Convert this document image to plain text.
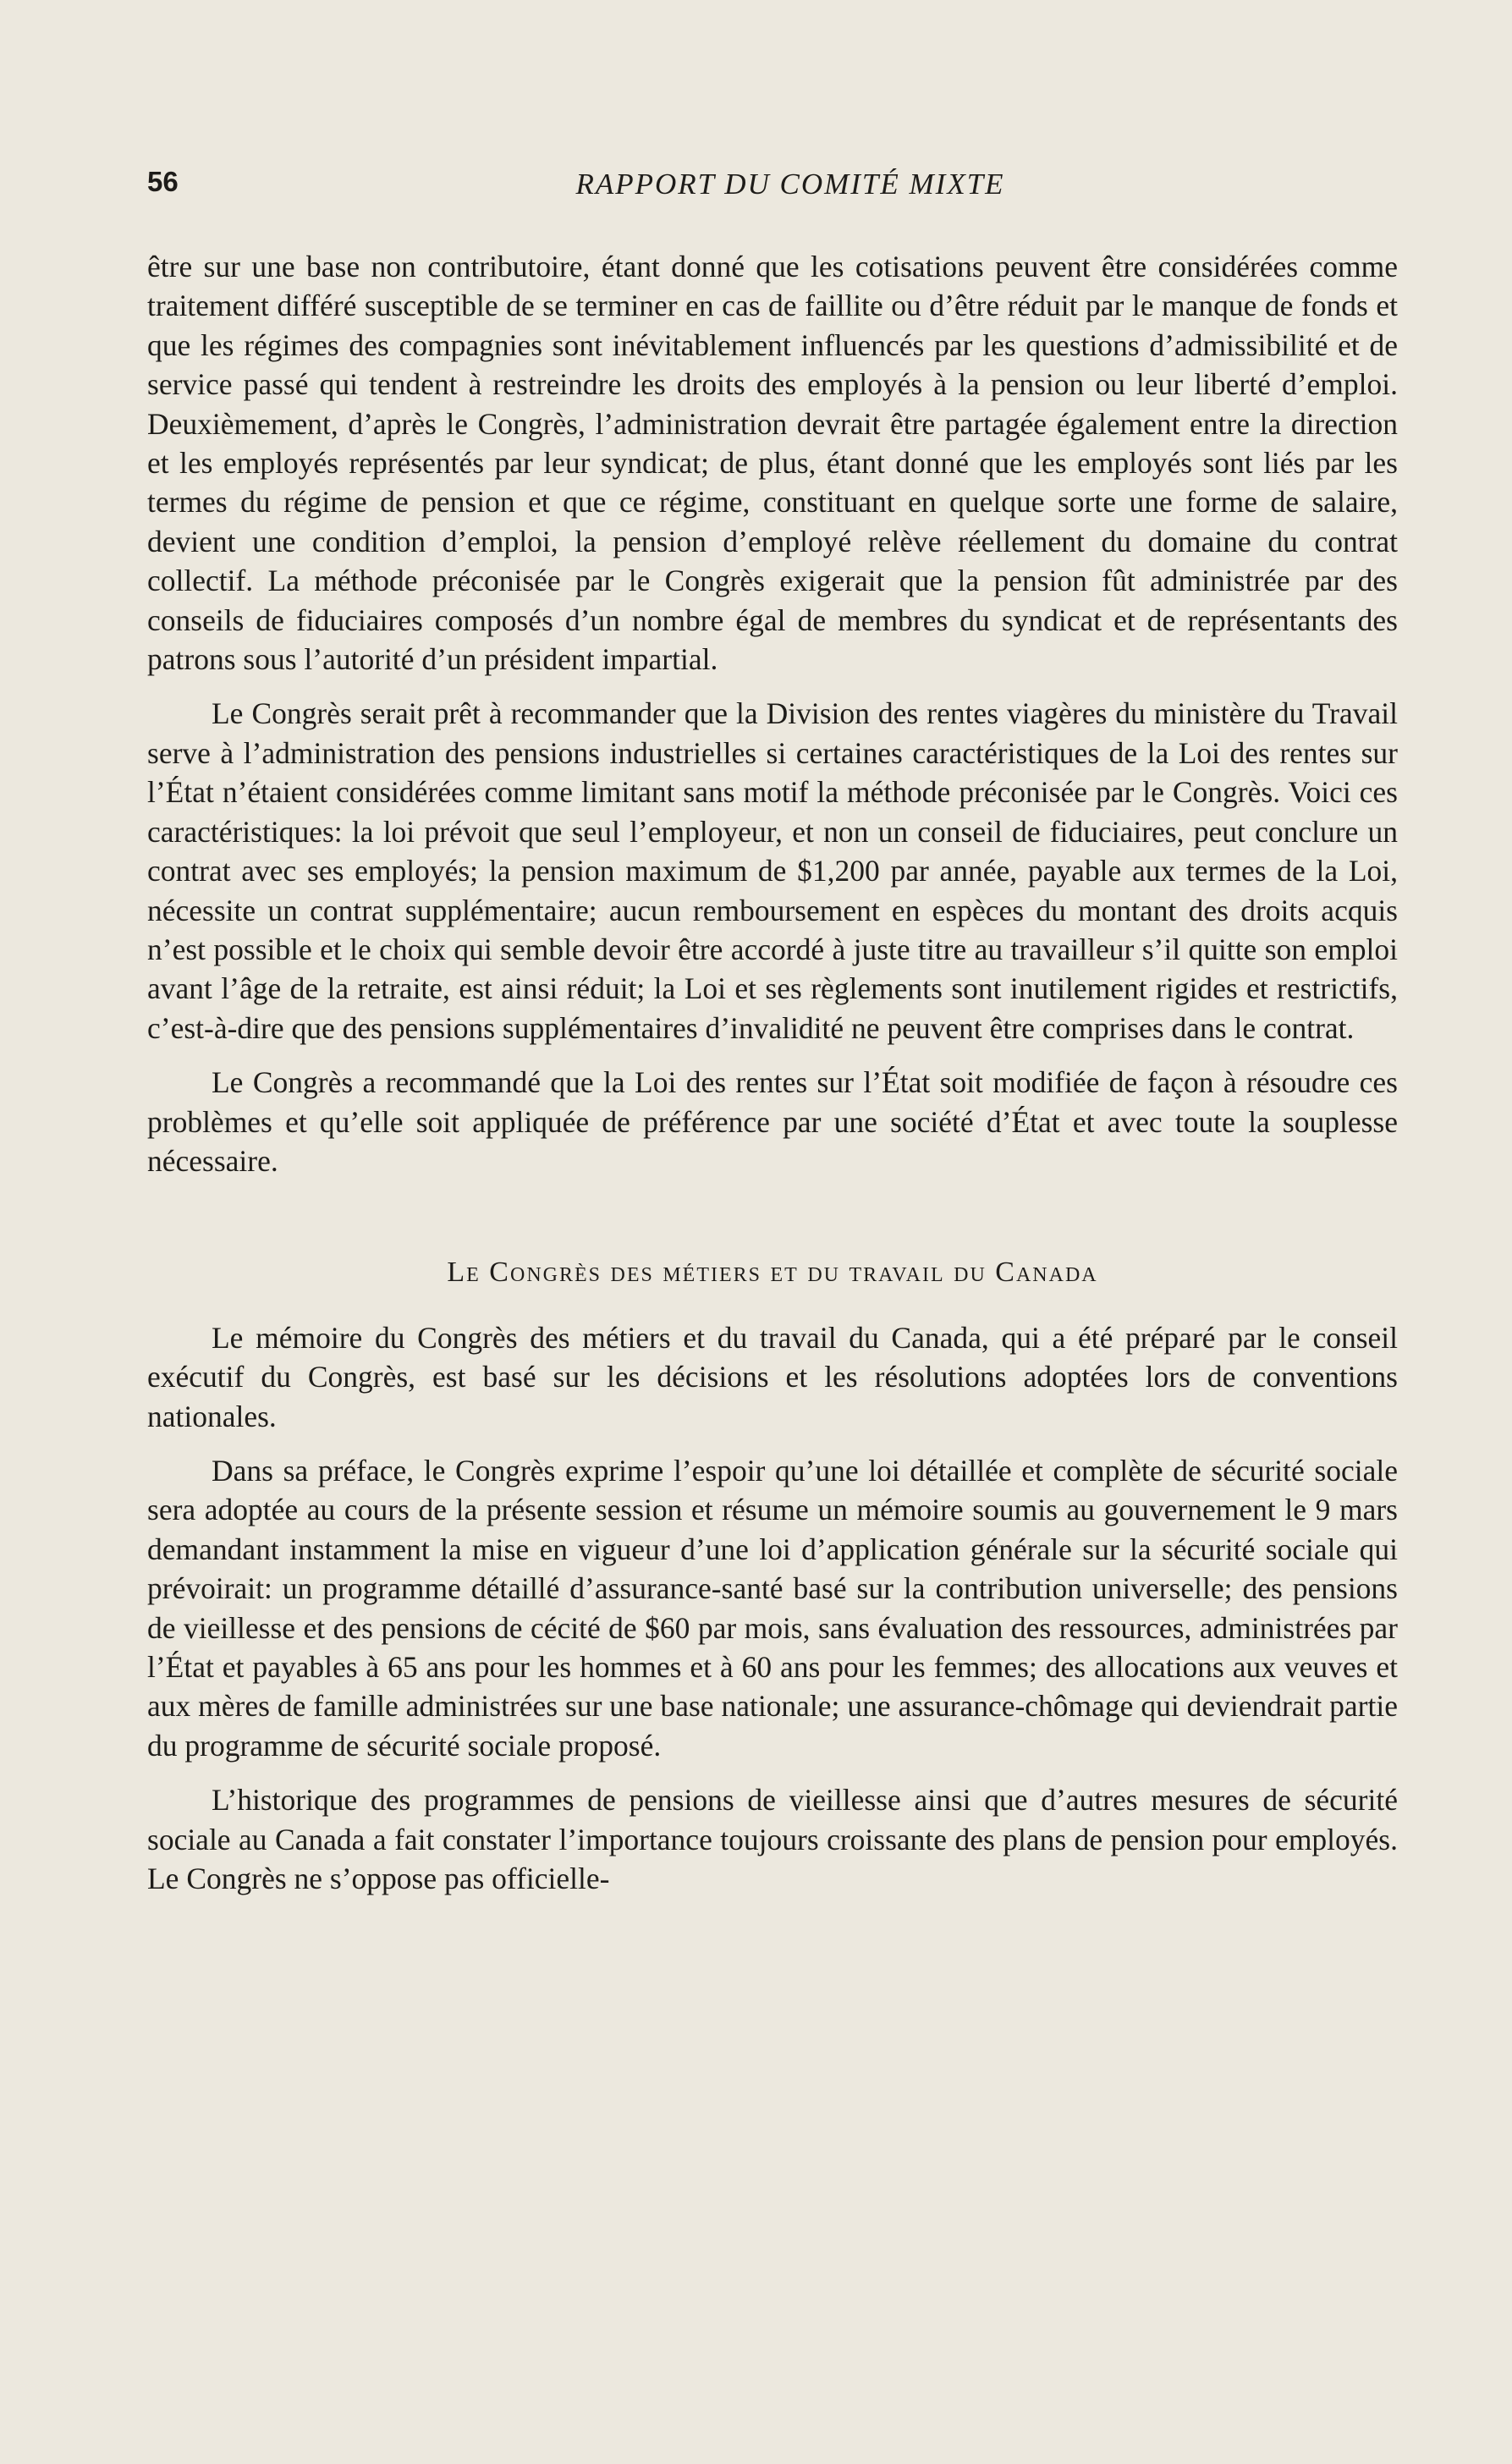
56	RAPPORT DU COMITÉ MIXTE

être sur une base non contributoire, étant donné que les cotisations peuvent être considérées comme traitement différé susceptible de se terminer en cas de faillite ou d’être réduit par le manque de fonds et que les régimes des compagnies sont inévitablement influencés par les questions d’admissibilité et de service passé qui tendent à restreindre les droits des employés à la pension ou leur liberté d’emploi. Deuxièmement, d’après le Congrès, l’administration devrait être partagée également entre la direction et les employés représentés par leur syndicat; de plus, étant donné que les employés sont liés par les termes du régime de pension et que ce régime, constituant en quelque sorte une forme de salaire, devient une condition d’emploi, la pension d’employé relève réellement du domaine du contrat collectif. La méthode préconisée par le Congrès exigerait que la pension fût administrée par des conseils de fiduciaires composés d’un nombre égal de membres du syndicat et de représentants des patrons sous l’autorité d’un président impartial.

Le Congrès serait prêt à recommander que la Division des rentes viagères du ministère du Travail serve à l’administration des pensions industrielles si certaines caractéristiques de la Loi des rentes sur l’État n’étaient considérées comme limitant sans motif la méthode préconisée par le Congrès. Voici ces caractéristiques: la loi prévoit que seul l’employeur, et non un conseil de fiduciaires, peut conclure un contrat avec ses employés; la pension maximum de $1,200 par année, payable aux termes de la Loi, nécessite un contrat supplémentaire; aucun remboursement en espèces du montant des droits acquis n’est possible et le choix qui semble devoir être accordé à juste titre au travailleur s’il quitte son emploi avant l’âge de la retraite, est ainsi réduit; la Loi et ses règlements sont inutilement rigides et restrictifs, c’est-à-dire que des pensions supplémentaires d’invalidité ne peuvent être comprises dans le contrat.

Le Congrès a recommandé que la Loi des rentes sur l’État soit modifiée de façon à résoudre ces problèmes et qu’elle soit appliquée de préférence par une société d’État et avec toute la souplesse nécessaire.

Le Congrès des métiers et du travail du Canada

Le mémoire du Congrès des métiers et du travail du Canada, qui a été préparé par le conseil exécutif du Congrès, est basé sur les décisions et les résolutions adoptées lors de conventions nationales.

Dans sa préface, le Congrès exprime l’espoir qu’une loi détaillée et complète de sécurité sociale sera adoptée au cours de la présente session et résume un mémoire soumis au gouvernement le 9 mars demandant instamment la mise en vigueur d’une loi d’application générale sur la sécurité sociale qui prévoirait: un programme détaillé d’assurance-santé basé sur la contribution universelle; des pensions de vieillesse et des pensions de cécité de $60 par mois, sans évaluation des ressources, administrées par l’État et payables à 65 ans pour les hommes et à 60 ans pour les femmes; des allocations aux veuves et aux mères de famille administrées sur une base nationale; une assurance-chômage qui deviendrait partie du programme de sécurité sociale proposé.

L’historique des programmes de pensions de vieillesse ainsi que d’autres mesures de sécurité sociale au Canada a fait constater l’importance toujours croissante des plans de pension pour employés. Le Congrès ne s’oppose pas officielle-
